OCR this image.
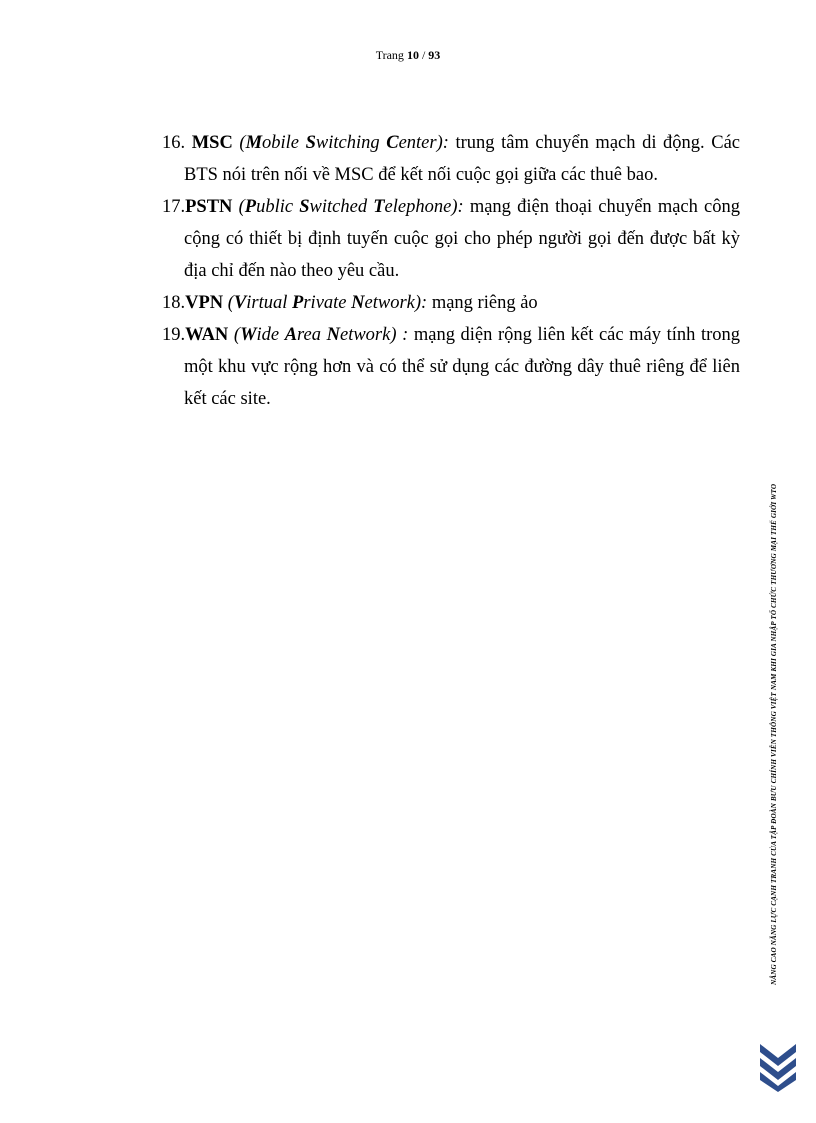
Trang 10 / 93

16. MSC (Mobile Switching Center): trung tâm chuyển mạch di động. Các BTS nói trên nối về MSC để kết nối cuộc gọi giữa các thuê bao.

17.PSTN (Public Switched Telephone): mạng điện thoại chuyển mạch công cộng có thiết bị định tuyến cuộc gọi cho phép người gọi đến được bất kỳ địa chỉ đến nào theo yêu cầu.

18.VPN (Virtual Private Network): mạng riêng ảo

19.WAN (Wide Area Network) : mạng diện rộng liên kết các máy tính trong một khu vực rộng hơn và có thể sử dụng các đường dây thuê riêng để liên kết các site.

NÂNG CAO NĂNG LỰC CẠNH TRANH CỦA TẬP ĐOÀN BƯU CHÍNH VIỄN THÔNG VIỆT NAM KHI GIA NHẬP TỔ CHỨC THƯƠNG MẠI THẾ GIỚI WTO
